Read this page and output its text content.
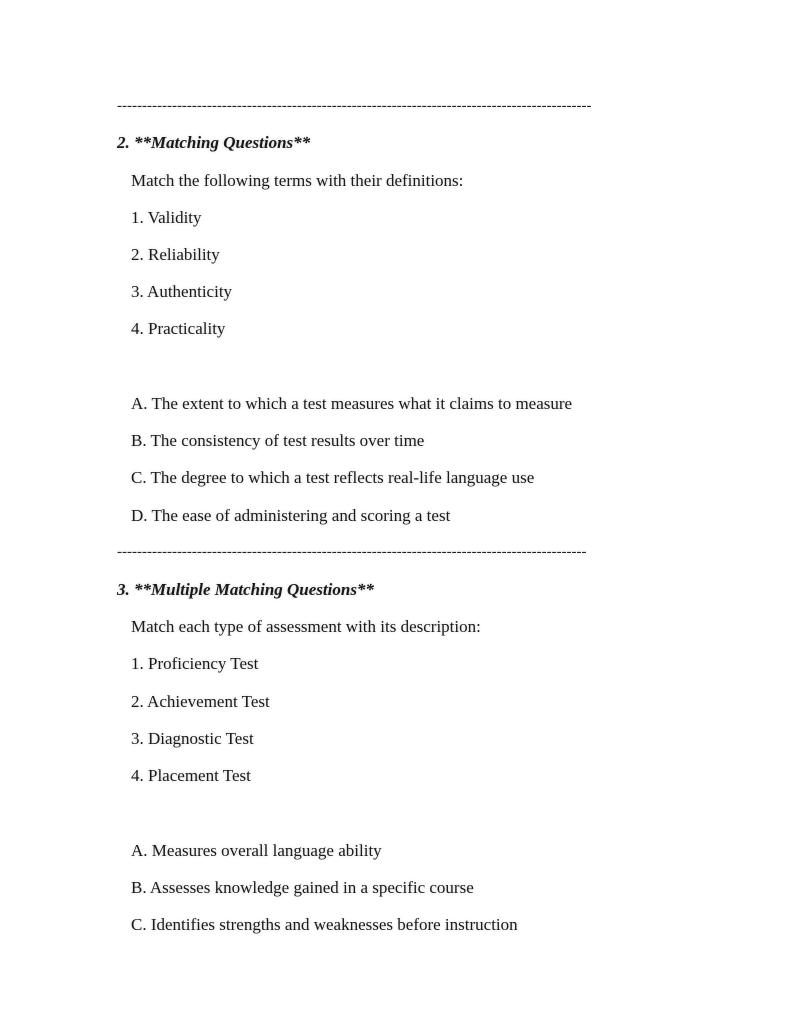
-----------------------------------------------------------------------------------------------
2. **Matching Questions**
Match the following terms with their definitions:
1. Validity
2. Reliability
3. Authenticity
4. Practicality
A. The extent to which a test measures what it claims to measure
B. The consistency of test results over time
C. The degree to which a test reflects real-life language use
D. The ease of administering and scoring a test
----------------------------------------------------------------------------------------------
3. **Multiple Matching Questions**
Match each type of assessment with its description:
1. Proficiency Test
2. Achievement Test
3. Diagnostic Test
4. Placement Test
A. Measures overall language ability
B. Assesses knowledge gained in a specific course
C. Identifies strengths and weaknesses before instruction
